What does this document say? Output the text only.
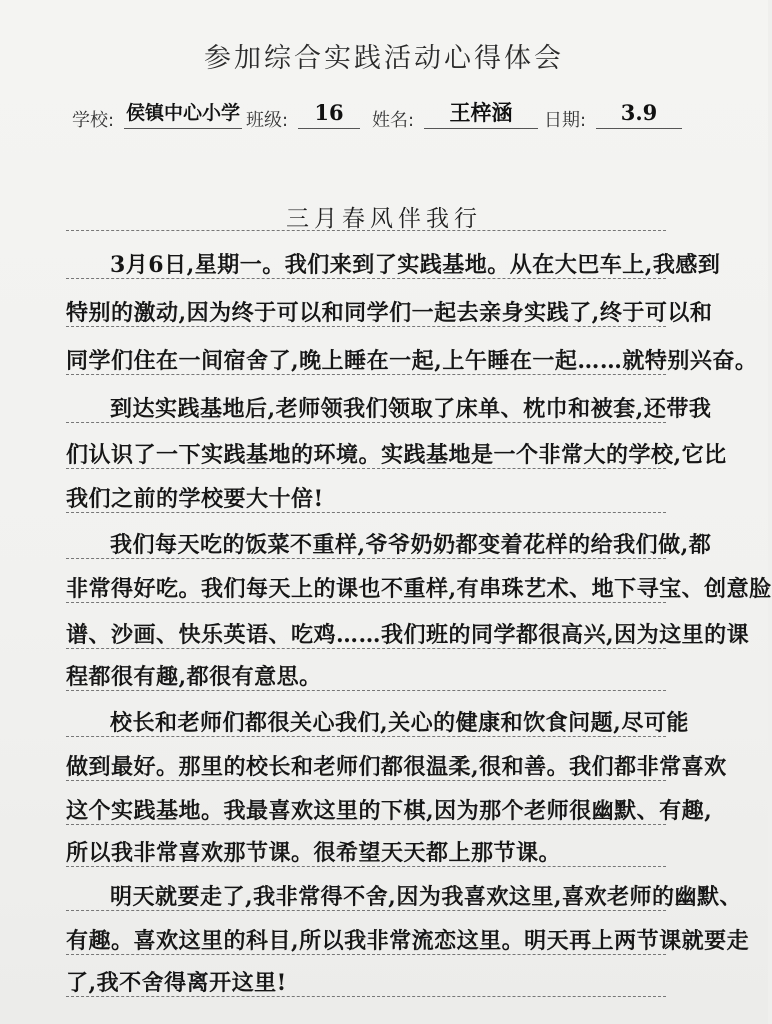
参加综合实践活动心得体会
学校: 侯镇中心小学 班级:	16	姓名:	王梓涵	日期:	3.9
三月春风伴我行
3月6日,星期一。我们来到了实践基地。从在大巴车上,我感到
特别的激动,因为终于可以和同学们一起去亲身实践了,终于可以和
同学们住在一间宿舍了,晚上睡在一起,上午睡在一起……就特别兴奋。
到达实践基地后,老师领我们领取了床单、枕巾和被套,还带我
们认识了一下实践基地的环境。实践基地是一个非常大的学校,它比
我们之前的学校要大十倍!
我们每天吃的饭菜不重样,爷爷奶奶都变着花样的给我们做,都
非常得好吃。我们每天上的课也不重样,有串珠艺术、地下寻宝、创意脸
谱、沙画、快乐英语、吃鸡……我们班的同学都很高兴,因为这里的课
程都很有趣,都很有意思。
校长和老师们都很关心我们,关心的健康和饮食问题,尽可能
做到最好。那里的校长和老师们都很温柔,很和善。我们都非常喜欢
这个实践基地。我最喜欢这里的下棋,因为那个老师很幽默、有趣,
所以我非常喜欢那节课。很希望天天都上那节课。
明天就要走了,我非常得不舍,因为我喜欢这里,喜欢老师的幽默、
有趣。喜欢这里的科目,所以我非常流恋这里。明天再上两节课就要走
了,我不舍得离开这里!
